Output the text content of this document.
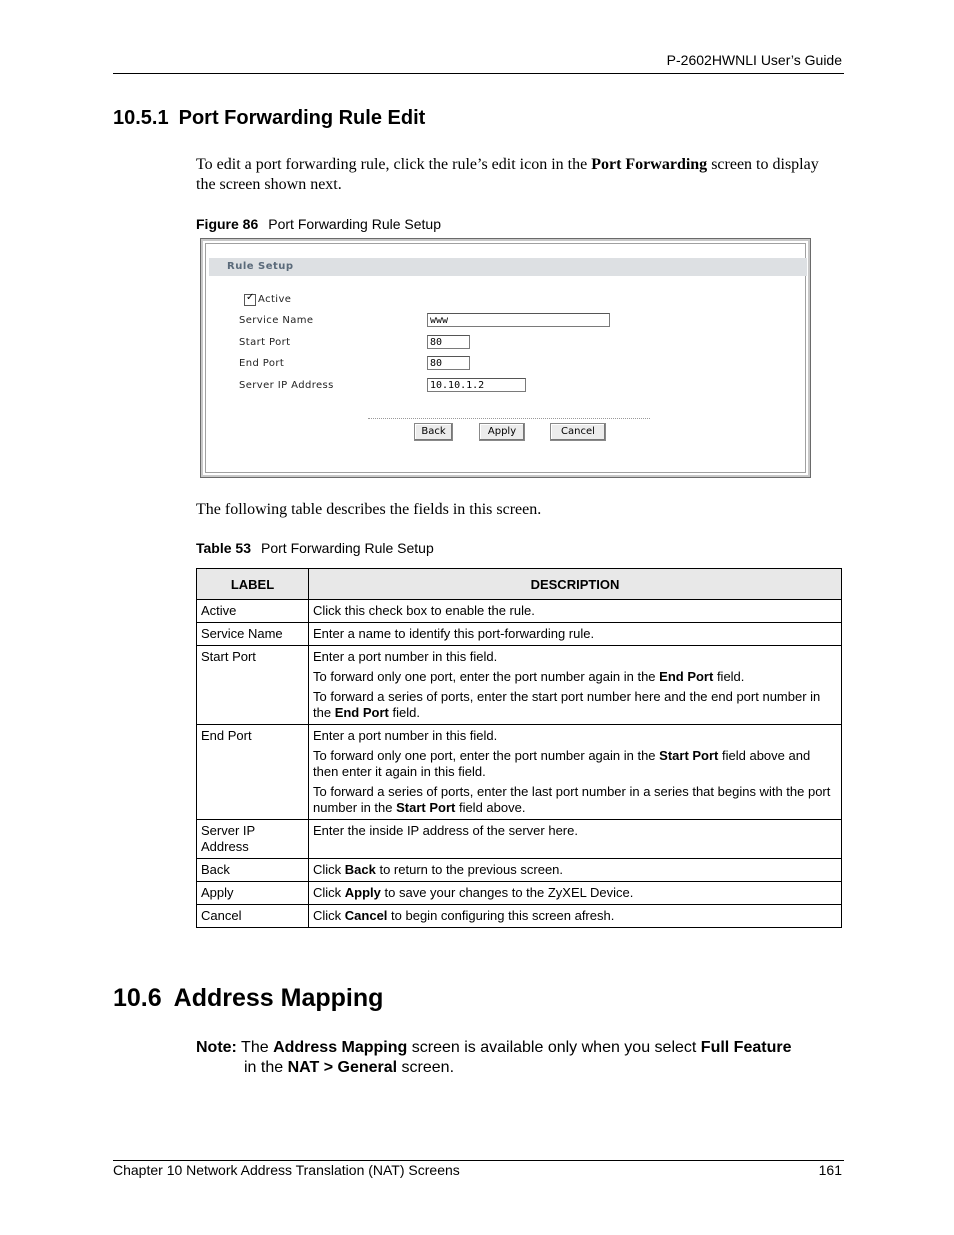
P-2602HWNLI User’s Guide
10.5.1 Port Forwarding Rule Edit
To edit a port forwarding rule, click the rule’s edit icon in the Port Forwarding screen to display the screen shown next.
Figure 86 Port Forwarding Rule Setup
Rule Setup
✓ Active
Service Name	www
Start Port	80
End Port	80
Server IP Address	10.10.1.2
Back	Apply	Cancel
The following table describes the fields in this screen.
Table 53 Port Forwarding Rule Setup
LABEL	DESCRIPTION
Active	Click this check box to enable the rule.

Service Name	Enter a name to identify this port-forwarding rule.

Start Port	Enter a port number in this field.

To forward only one port, enter the port number again in the End Port field.

To forward a series of ports, enter the start port number here and the end port number in the End Port field.

End Port	Enter a port number in this field.

To forward only one port, enter the port number again in the Start Port field above and then enter it again in this field.

To forward a series of ports, enter the last port number in a series that begins with the port number in the Start Port field above.

Server IP Address	Enter the inside IP address of the server here.

Back	Click Back to return to the previous screen.

Apply	Click Apply to save your changes to the ZyXEL Device.

Cancel	Click Cancel to begin configuring this screen afresh.

10.6 Address Mapping
Note: The Address Mapping screen is available only when you select Full Feature
in the NAT > General screen.
Chapter 10 Network Address Translation (NAT) Screens	161
